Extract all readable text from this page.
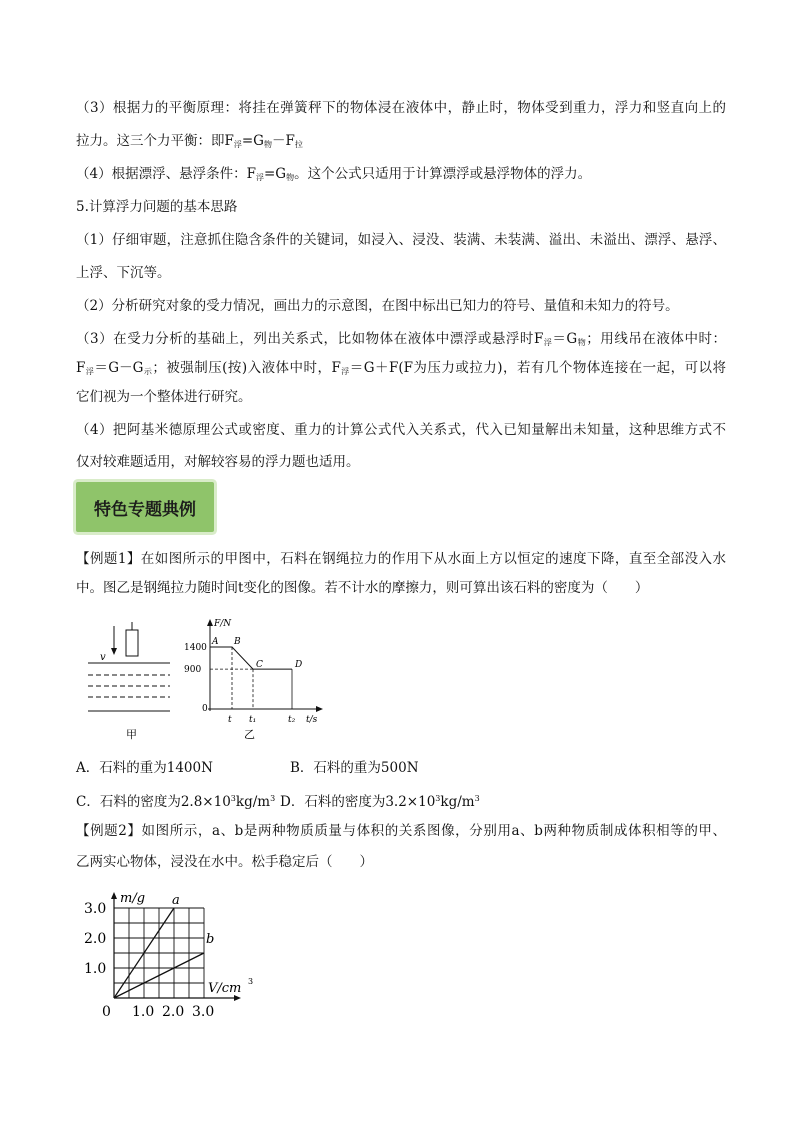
（3）根据力的平衡原理：将挂在弹簧秤下的物体浸在液体中，静止时，物体受到重力，浮力和竖直向上的
拉力。这三个力平衡：即$F_浮=G_物-F_拉$
（4）根据漂浮、悬浮条件：$F_浮=G_物$。这个公式只适用于计算漂浮或悬浮物体的浮力。
5.计算浮力问题的基本思路
（1）仔细审题，注意抓住隐含条件的关键词，如浸入、浸没、装满、未装满、溢出、未溢出、漂浮、悬浮、
上浮、下沉等。
（2）分析研究对象的受力情况，画出力的示意图，在图中标出已知力的符号、量值和未知力的符号。
（3）在受力分析的基础上，列出关系式，比如物体在液体中漂浮或悬浮时$F_浮=G_物$；用线吊在液体中时：
$F_浮=G-G_示$；被强制压(按)入液体中时，$F_浮=G+F(F$为压力或拉力)，若有几个物体连接在一起，可以将
它们视为一个整体进行研究。
（4）把阿基米德原理公式或密度、重力的计算公式代入关系式，代入已知量解出未知量，这种思维方式不
仅对较难题适用，对解较容易的浮力题也适用。
特色专题典例
【例题1】在如图所示的甲图中，石料在钢绳拉力的作用下从水面上方以恒定的速度下降，直至全部没入水
中。图乙是钢绳拉力随时间t变化的图像。若不计水的摩擦力，则可算出该石料的密度为（　　）
v
甲
F/N
t/s
0
1400
900
A B
C	D
t t₁	t₂
乙
A．石料的重为1400N	B．石料的重为500N
C．石料的密度为$2.8\times 10^3kg/m^3$ D．石料的密度为$3.2\times 10^3kg/m^3$
【例题2】如图所示，a、b是两种物质质量与体积的关系图像，分别用a、b两种物质制成体积相等的甲、
乙两实心物体，浸没在水中。松手稳定后（　　）
m/g
V/cm 3
1.0
2.0
3.0
1.0 2.0 3.0
0
a
b
